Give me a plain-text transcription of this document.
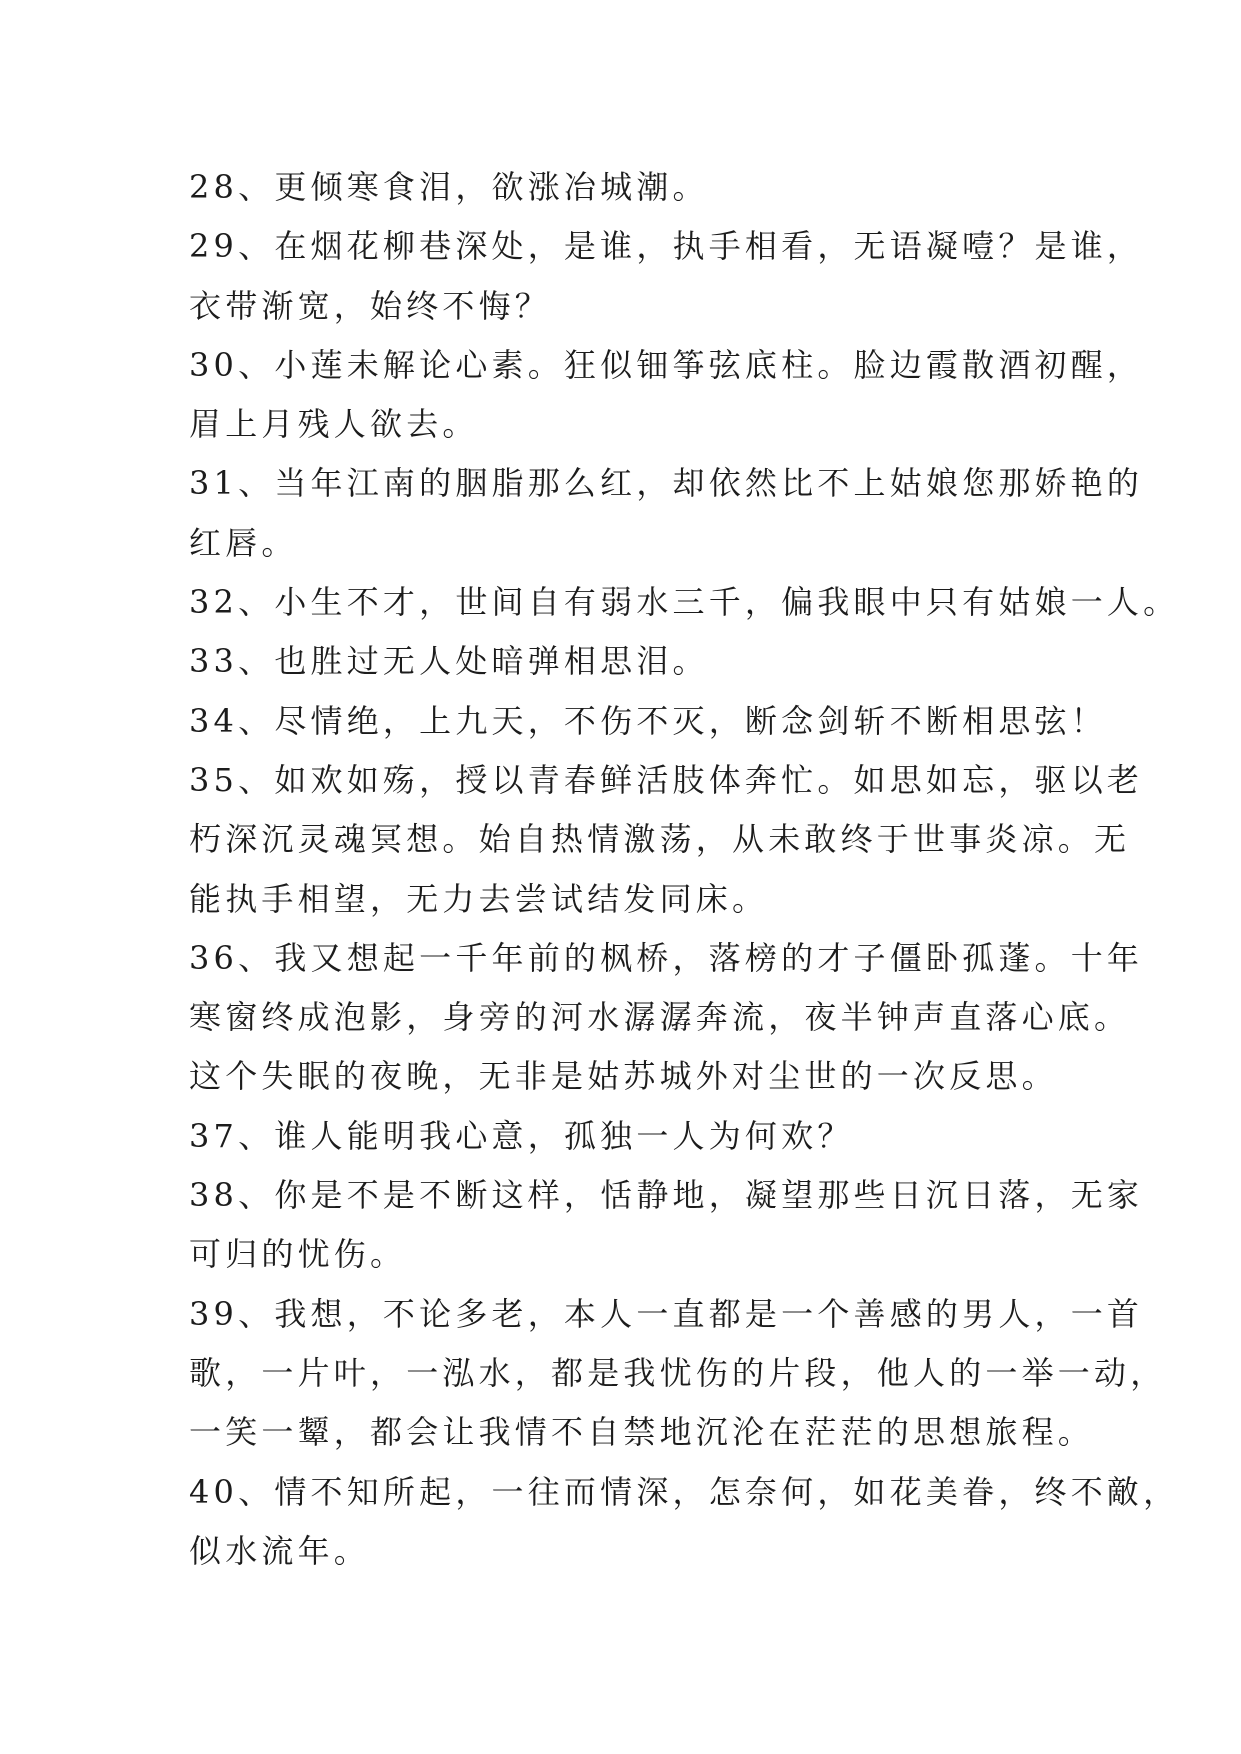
28、更倾寒食泪，欲涨冶城潮。
29、在烟花柳巷深处，是谁，执手相看，无语凝噎？是谁，
衣带渐宽，始终不悔？
30、小莲未解论心素。狂似钿筝弦底柱。脸边霞散酒初醒，
眉上月残人欲去。
31、当年江南的胭脂那么红，却依然比不上姑娘您那娇艳的
红唇。
32、小生不才，世间自有弱水三千，偏我眼中只有姑娘一人。
33、也胜过无人处暗弹相思泪。
34、尽情绝，上九天，不伤不灭，断念剑斩不断相思弦！
35、如欢如殇，授以青春鲜活肢体奔忙。如思如忘，驱以老
朽深沉灵魂冥想。始自热情激荡，从未敢终于世事炎凉。无
能执手相望，无力去尝试结发同床。
36、我又想起一千年前的枫桥，落榜的才子僵卧孤蓬。十年
寒窗终成泡影，身旁的河水潺潺奔流，夜半钟声直落心底。
这个失眠的夜晚，无非是姑苏城外对尘世的一次反思。
37、谁人能明我心意，孤独一人为何欢？
38、你是不是不断这样，恬静地，凝望那些日沉日落，无家
可归的忧伤。
39、我想，不论多老，本人一直都是一个善感的男人，一首
歌，一片叶，一泓水，都是我忧伤的片段，他人的一举一动，
一笑一颦，都会让我情不自禁地沉沦在茫茫的思想旅程。
40、情不知所起，一往而情深，怎奈何，如花美眷，终不敵，
似水流年。
